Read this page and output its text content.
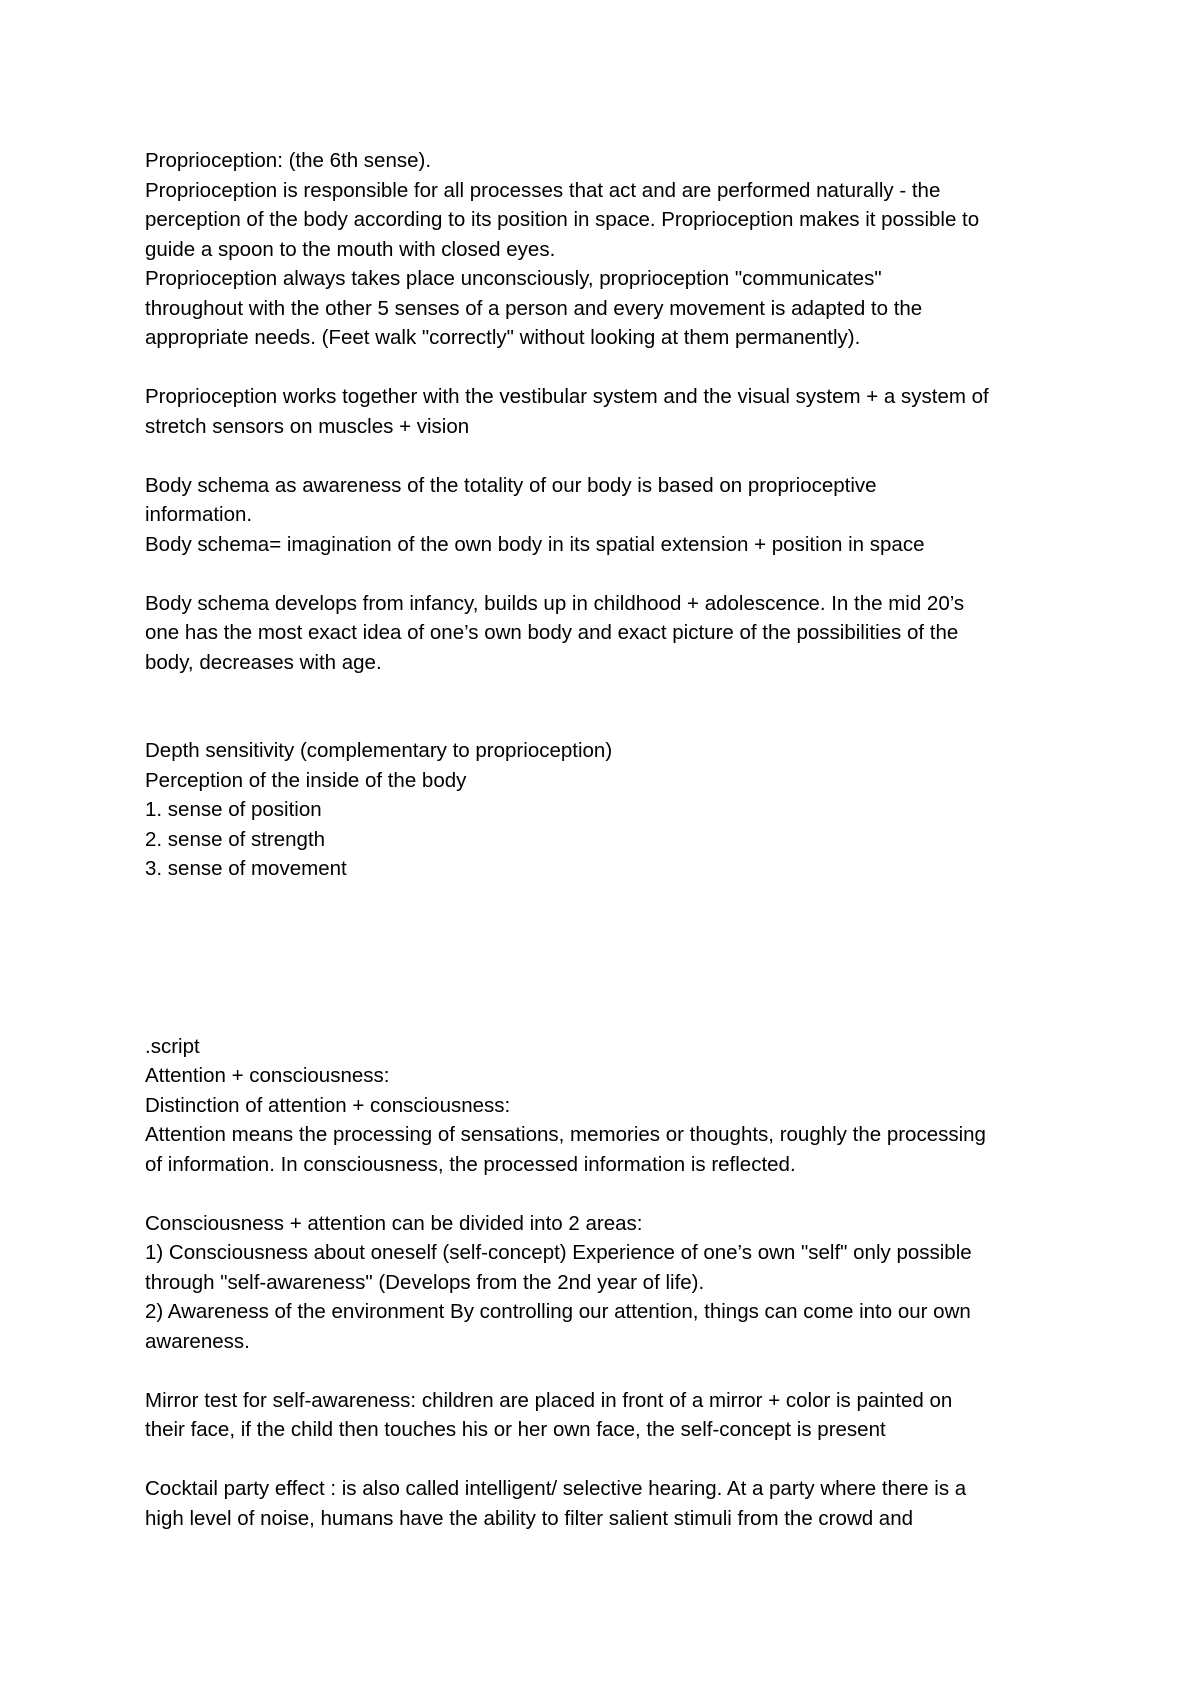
Proprioception: (the 6th sense).
Proprioception is responsible for all processes that act and are performed naturally - the
perception of the body according to its position in space. Proprioception makes it possible to
guide a spoon to the mouth with closed eyes.
Proprioception always takes place unconsciously, proprioception "communicates"
throughout with the other 5 senses of a person and every movement is adapted to the
appropriate needs. (Feet walk "correctly" without looking at them permanently).
Proprioception works together with the vestibular system and the visual system + a system of
stretch sensors on muscles + vision
Body schema as awareness of the totality of our body is based on proprioceptive
information.
Body schema= imagination of the own body in its spatial extension + position in space
Body schema develops from infancy, builds up in childhood + adolescence. In the mid 20’s
one has the most exact idea of one’s own body and exact picture of the possibilities of the
body, decreases with age.
Depth sensitivity (complementary to proprioception)
Perception of the inside of the body
1. sense of position
2. sense of strength
3. sense of movement
.script
Attention + consciousness:
Distinction of attention + consciousness:
Attention means the processing of sensations, memories or thoughts, roughly the processing
of information. In consciousness, the processed information is reflected.
Consciousness + attention can be divided into 2 areas:
1) Consciousness about oneself (self-concept) Experience of one’s own "self" only possible
through "self-awareness" (Develops from the 2nd year of life).
2) Awareness of the environment By controlling our attention, things can come into our own
awareness.
Mirror test for self-awareness: children are placed in front of a mirror + color is painted on
their face, if the child then touches his or her own face, the self-concept is present
Cocktail party effect : is also called intelligent/ selective hearing. At a party where there is a
high level of noise, humans have the ability to filter salient stimuli from the crowd and
